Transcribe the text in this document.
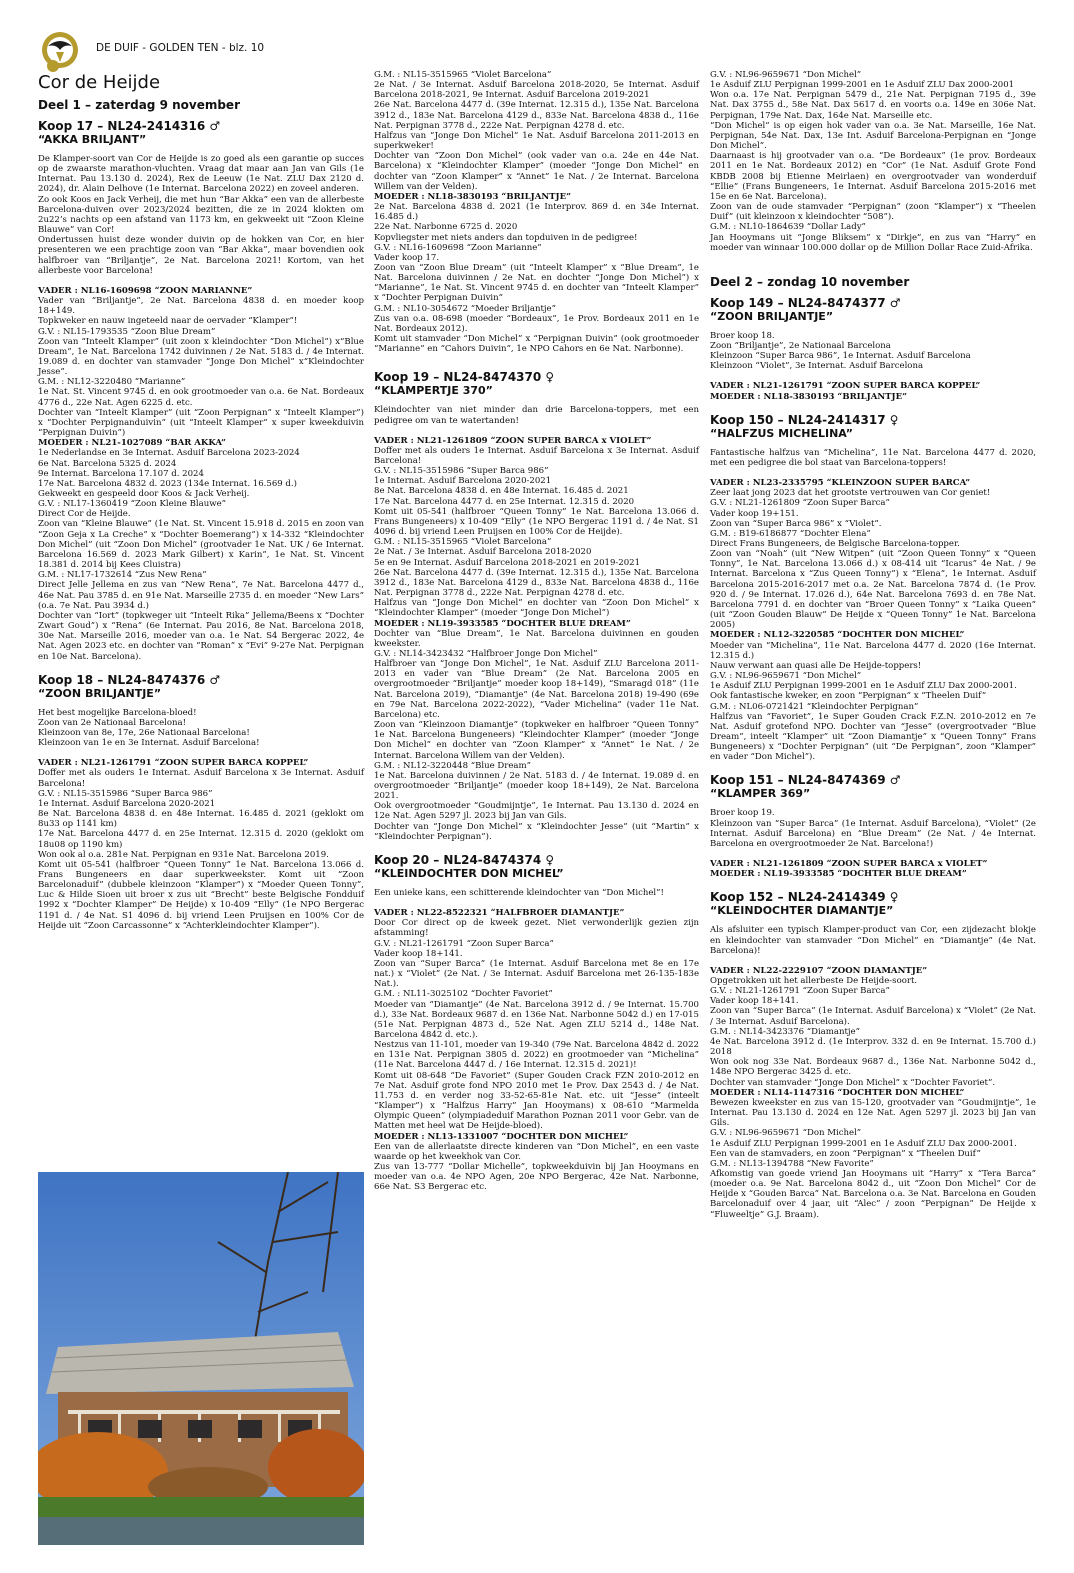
DE DUIF - GOLDEN TEN - blz. 10
Cor de Heijde
Deel 1 – zaterdag 9 november
Koop 17 – NL24-2414316 ♂
“AKKA BRILJANT”
De Klamper-soort van Cor de Heijde is zo goed als een garantie op succes op de zwaarste marathon-vluchten. Vraag dat maar aan Jan van Gils (1e Internat. Pau 13.130 d. 2024), Rex de Leeuw (1e Nat. ZLU Dax 2120 d. 2024), dr. Alain Delhove (1e Internat. Barcelona 2022) en zoveel anderen.
Zo ook Koos en Jack Verheij, die met hun “Bar Akka” een van de allerbeste Barcelona-duiven over 2023/2024 bezitten, die ze in 2024 klokten om 2u22’s nachts op een afstand van 1173 km, en gekweekt uit “Zoon Kleine Blauwe” van Cor!
Ondertussen huist deze wonder duivin op de hokken van Cor, en hier presenteren we een prachtige zoon van “Bar Akka”, maar bovendien ook halfbroer van “Briljantje”, 2e Nat. Barcelona 2021! Kortom, van het allerbeste voor Barcelona!
VADER : NL16-1609698 “ZOON MARIANNE”
Vader van “Briljantje”, 2e Nat. Barcelona 4838 d. en moeder koop 18+149.
Topkweker en nauw ingeteeld naar de oervader “Klamper”!
G.V. : NL15-1793535 “Zoon Blue Dream”
Zoon van “Inteelt Klamper” (uit zoon x kleindochter “Don Michel”) x“Blue Dream”, 1e Nat. Barcelona 1742 duivinnen / 2e Nat. 5183 d. / 4e Internat. 19.089 d. en dochter van stamvader “Jonge Don Michel” x“Kleindochter Jesse”.
G.M. : NL12-3220480 “Marianne”
1e Nat. St. Vincent 9745 d. en ook grootmoeder van o.a. 6e Nat. Bordeaux 4776 d., 22e Nat. Agen 6225 d. etc.
Dochter van “Inteelt Klamper” (uit “Zoon Perpignan” x “Inteelt Klamper”) x “Dochter Perpignanduivin” (uit “Inteelt Klamper” x super kweekduivin “Perpignan Duivin”)
MOEDER : NL21-1027089 “BAR AKKA”
1e Nederlandse en 3e Internat. Asduif Barcelona 2023-2024
6e Nat. Barcelona 5325 d. 2024
9e Internat. Barcelona 17.107 d. 2024
17e Nat. Barcelona 4832 d. 2023 (134e Internat. 16.569 d.)
Gekweekt en gespeeld door Koos & Jack Verheij.
G.V. : NL17-1360419 “Zoon Kleine Blauwe”
Direct Cor de Heijde.
Zoon van “Kleine Blauwe” (1e Nat. St. Vincent 15.918 d. 2015 en zoon van “Zoon Geja x La Creche” x “Dochter Boemerang”) x 14-332 “Kleindochter Don Michel” (uit “Zoon Don Michel” (grootvader 1e Nat. UK / 6e Internat. Barcelona 16.569 d. 2023 Mark Gilbert) x Karin”, 1e Nat. St. Vincent 18.381 d. 2014 bij Kees Cluistra)
G.M. : NL17-1732614 “Zus New Rena”
Direct Jelle Jellema en zus van “New Rena”, 7e Nat. Barcelona 4477 d., 46e Nat. Pau 3785 d. en 91e Nat. Marseille 2735 d. en moeder “New Lars” (o.a. 7e Nat. Pau 3934 d.)
Dochter van “Iort” (topkweger uit “Inteelt Rika” Jellema/Beens x “Dochter Zwart Goud”) x “Rena” (6e Internat. Pau 2016, 8e Nat. Barcelona 2018, 30e Nat. Marseille 2016, moeder van o.a. 1e Nat. S4 Bergerac 2022, 4e Nat. Agen 2023 etc. en dochter van “Roman” x “Evi” 9-27e Nat. Perpignan en 10e Nat. Barcelona).
Koop 18 – NL24-8474376 ♂
“ZOON BRILJANTJE”
Het best mogelijke Barcelona-bloed!
Zoon van 2e Nationaal Barcelona!
Kleinzoon van 8e, 17e, 26e Nationaal Barcelona!
Kleinzoon van 1e en 3e Internat. Asduif Barcelona!
VADER : NL21-1261791 “ZOON SUPER BARCA KOPPEL”
Doffer met als ouders 1e Internat. Asduif Barcelona x 3e Internat. Asduif Barcelona!
G.V. : NL15-3515986 “Super Barca 986”
1e Internat. Asduif Barcelona 2020-2021
8e Nat. Barcelona 4838 d. en 48e Internat. 16.485 d. 2021 (geklokt om 8u33 op 1141 km)
17e Nat. Barcelona 4477 d. en 25e Internat. 12.315 d. 2020 (geklokt om 18u08 op 1190 km)
Won ook al o.a. 281e Nat. Perpignan en 931e Nat. Barcelona 2019.
Komt uit 05-541 (halfbroer “Queen Tonny” 1e Nat. Barcelona 13.066 d. Frans Bungeneers en daar superkweekster. Komt uit “Zoon Barcelonaduif” (dubbele kleinzoon “Klamper”) x “Moeder Queen Tonny”, Luc & Hilde Sioen uit broer x zus uit “Brecht” beste Belgische Fondduif 1992 x “Dochter Klamper” De Heijde) x 10-409 “Elly” (1e NPO Bergerac 1191 d. / 4e Nat. S1 4096 d. bij vriend Leen Pruijsen en 100% Cor de Heijde uit “Zoon Carcassonne” x “Achterkleindochter Klamper”).
G.M. : NL15-3515965 “Violet Barcelona”
2e Nat. / 3e Internat. Asduif Barcelona 2018-2020, 5e Internat. Asduif Barcelona 2018-2021, 9e Internat. Asduif Barcelona 2019-2021
26e Nat. Barcelona 4477 d. (39e Internat. 12.315 d.), 135e Nat. Barcelona 3912 d., 183e Nat. Barcelona 4129 d., 833e Nat. Barcelona 4838 d., 116e Nat. Perpignan 3778 d., 222e Nat. Perpignan 4278 d. etc.
Halfzus van “Jonge Don Michel” 1e Nat. Asduif Barcelona 2011-2013 en superkweker!
Dochter van “Zoon Don Michel” (ook vader van o.a. 24e en 44e Nat. Barcelona) x “Kleindochter Klamper” (moeder “Jonge Don Michel” en dochter van “Zoon Klamper” x “Annet” 1e Nat. / 2e Internat. Barcelona Willem van der Velden).
MOEDER : NL18-3830193 “BRILJANTJE”
2e Nat. Barcelona 4838 d. 2021 (1e Interprov. 869 d. en 34e Internat. 16.485 d.)
22e Nat. Narbonne 6725 d. 2020
Kopvliegster met niets anders dan topduiven in de pedigree!
G.V. : NL16-1609698 “Zoon Marianne”
Vader koop 17.
Zoon van “Zoon Blue Dream” (uit “Inteelt Klamper” x “Blue Dream”, 1e Nat. Barcelona duivinnen / 2e Nat. en dochter “Jonge Don Michel”) x “Marianne”, 1e Nat. St. Vincent 9745 d. en dochter van “Inteelt Klamper” x “Dochter Perpignan Duivin”
G.M. : NL10-3054672 “Moeder Briljantje”
Zus van o.a. 08-698 (moeder “Bordeaux”, 1e Prov. Bordeaux 2011 en 1e Nat. Bordeaux 2012).
Komt uit stamvader “Don Michel” x “Perpignan Duivin” (ook grootmoeder “Marianne” en “Cahors Duivin”, 1e NPO Cahors en 6e Nat. Narbonne).
Koop 19 – NL24-8474370 ♀
“KLAMPERTJE 370”
Kleindochter van niet minder dan drie Barcelona-toppers, met een pedigree om van te watertanden!
VADER : NL21-1261809 “ZOON SUPER BARCA x VIOLET”
Doffer met als ouders 1e Internat. Asduif Barcelona x 3e Internat. Asduif Barcelona!
G.V. : NL15-3515986 “Super Barca 986”
1e Internat. Asduif Barcelona 2020-2021
8e Nat. Barcelona 4838 d. en 48e Internat. 16.485 d. 2021
17e Nat. Barcelona 4477 d. en 25e Internat. 12.315 d. 2020
Komt uit 05-541 (halfbroer “Queen Tonny” 1e Nat. Barcelona 13.066 d. Frans Bungeneers) x 10-409 “Elly” (1e NPO Bergerac 1191 d. / 4e Nat. S1 4096 d. bij vriend Leen Pruijsen en 100% Cor de Heijde).
G.M. : NL15-3515965 “Violet Barcelona”
2e Nat. / 3e Internat. Asduif Barcelona 2018-2020
5e en 9e Internat. Asduif Barcelona 2018-2021 en 2019-2021
26e Nat. Barcelona 4477 d. (39e Internat. 12.315 d.), 135e Nat. Barcelona 3912 d., 183e Nat. Barcelona 4129 d., 833e Nat. Barcelona 4838 d., 116e Nat. Perpignan 3778 d., 222e Nat. Perpignan 4278 d. etc.
Halfzus van “Jonge Don Michel” en dochter van “Zoon Don Michel” x “Kleindochter Klamper” (moeder “Jonge Don Michel”)
MOEDER : NL19-3933585 “DOCHTER BLUE DREAM”
Dochter van “Blue Dream”, 1e Nat. Barcelona duivinnen en gouden kweekster.
G.V. : NL14-3423432 “Halfbroer Jonge Don Michel”
Halfbroer van “Jonge Don Michel”, 1e Nat. Asduif ZLU Barcelona 2011-2013 en vader van “Blue Dream” (2e Nat. Barcelona 2005 en overgrootmoeder “Briljantje” moeder koop 18+149), “Smaragd 018” (11e Nat. Barcelona 2019), “Diamantje” (4e Nat. Barcelona 2018) 19-490 (69e en 79e Nat. Barcelona 2022-2022), “Vader Michelina” (vader 11e Nat. Barcelona) etc.
Zoon van “Kleinzoon Diamantje” (topkweker en halfbroer “Queen Tonny” 1e Nat. Barcelona Bungeneers) “Kleindochter Klamper” (moeder “Jonge Don Michel” en dochter van “Zoon Klamper” x “Annet” 1e Nat. / 2e Internat. Barcelona Willem van der Velden).
G.M. : NL12-3220448 “Blue Dream”
1e Nat. Barcelona duivinnen / 2e Nat. 5183 d. / 4e Internat. 19.089 d. en overgrootmoeder “Briljantje” (moeder koop 18+149), 2e Nat. Barcelona 2021.
Ook overgrootmoeder “Goudmijntje”, 1e Internat. Pau 13.130 d. 2024 en 12e Nat. Agen 5297 jl. 2023 bij Jan van Gils.
Dochter van “Jonge Don Michel” x “Kleindochter Jesse” (uit “Martin” x “Kleindochter Perpignan”).
Koop 20 – NL24-8474374 ♀
“KLEINDOCHTER DON MICHEL”
Een unieke kans, een schitterende kleindochter van “Don Michel”!
VADER : NL22-8522321 “HALFBROER DIAMANTJE”
Door Cor direct op de kweek gezet. Niet verwonderlijk gezien zijn afstamming!
G.V. : NL21-1261791 “Zoon Super Barca”
Vader koop 18+141.
Zoon van “Super Barca” (1e Internat. Asduif Barcelona met 8e en 17e nat.) x “Violet” (2e Nat. / 3e Internat. Asduif Barcelona met 26-135-183e Nat.).
G.M. : NL11-3025102 “Dochter Favoriet”
Moeder van “Diamantje” (4e Nat. Barcelona 3912 d. / 9e Internat. 15.700 d.), 33e Nat. Bordeaux 9687 d. en 136e Nat. Narbonne 5042 d.) en 17-015 (51e Nat. Perpignan 4873 d., 52e Nat. Agen ZLU 5214 d., 148e Nat. Barcelona 4842 d. etc.).
Nestzus van 11-101, moeder van 19-340 (79e Nat. Barcelona 4842 d. 2022 en 131e Nat. Perpignan 3805 d. 2022) en grootmoeder van “Michelina” (11e Nat. Barcelona 4447 d. / 16e Internat. 12.315 d. 2021)!
Komt uit 08-648 “De Favoriet” (Super Gouden Crack FZN 2010-2012 en 7e Nat. Asduif grote fond NPO 2010 met 1e Prov. Dax 2543 d. / 4e Nat. 11.753 d. en verder nog 33-52-65-81e Nat. etc. uit “Jesse” (inteelt “Klamper”) x “Halfzus Harry” Jan Hooymans) x 08-610 “Marmelda Olympic Queen” (olympiadeduif Marathon Poznan 2011 voor Gebr. van de Matten met heel wat De Heijde-bloed).
MOEDER : NL13-1331007 “DOCHTER DON MICHEL”
Een van de allerlaatste directe kinderen van “Don Michel”, en een vaste waarde op het kweekhok van Cor.
Zus van 13-777 “Dollar Michelle”, topkweekduivin bij Jan Hooymans en moeder van o.a. 4e NPO Agen, 20e NPO Bergerac, 42e Nat. Narbonne, 66e Nat. S3 Bergerac etc.
G.V. : NL96-9659671 “Don Michel”
1e Asduif ZLU Perpignan 1999-2001 en 1e Asduif ZLU Dax 2000-2001
Won o.a. 17e Nat. Perpignan 5479 d., 21e Nat. Perpignan 7195 d., 39e Nat. Dax 3755 d., 58e Nat. Dax 5617 d. en voorts o.a. 149e en 306e Nat. Perpignan, 179e Nat. Dax, 164e Nat. Marseille etc.
“Don Michel” is op eigen hok vader van o.a. 3e Nat. Marseille, 16e Nat. Perpignan, 54e Nat. Dax, 13e Int. Asduif Barcelona-Perpignan en “Jonge Don Michel”.
Daarnaast is hij grootvader van o.a. “De Bordeaux” (1e prov. Bordeaux 2011 en 1e Nat. Bordeaux 2012) en “Cor” (1e Nat. Asduif Grote Fond KBDB 2008 bij Etienne Meirlaen) en overgrootvader van wonderduif “Ellie” (Frans Bungeneers, 1e Internat. Asduif Barcelona 2015-2016 met 15e en 6e Nat. Barcelona).
Zoon van de oude stamvader “Perpignan” (zoon “Klamper”) x “Theelen Duif” (uit kleinzoon x kleindochter “508”).
G.M. : NL10-1864639 “Dollar Lady”
Jan Hooymans uit “Jonge Bliksem” x “Dirkje”, en zus van “Harry” en moeder van winnaar 100.000 dollar op de Million Dollar Race Zuid-Afrika.
Deel 2 – zondag 10 november
Koop 149 – NL24-8474377 ♂
“ZOON BRILJANTJE”
Broer koop 18.
Zoon “Briljantje”, 2e Nationaal Barcelona
Kleinzoon “Super Barca 986”, 1e Internat. Asduif Barcelona
Kleinzoon “Violet”, 3e Internat. Asduif Barcelona
VADER : NL21-1261791 “ZOON SUPER BARCA KOPPEL”
MOEDER : NL18-3830193 “BRILJANTJE”
Koop 150 – NL24-2414317 ♀
“HALFZUS MICHELINA”
Fantastische halfzus van “Michelina”, 11e Nat. Barcelona 4477 d. 2020, met een pedigree die bol staat van Barcelona-toppers!
VADER : NL23-2335795 “KLEINZOON SUPER BARCA”
Zeer laat jong 2023 dat het grootste vertrouwen van Cor geniet!
G.V. : NL21-1261809 “Zoon Super Barca”
Vader koop 19+151.
Zoon van “Super Barca 986” x “Violet”.
G.M. : B19-6186877 “Dochter Elena”
Direct Frans Bungeneers, de Belgische Barcelona-topper.
Zoon van “Noah” (uit “New Witpen” (uit “Zoon Queen Tonny” x “Queen Tonny”, 1e Nat. Barcelona 13.066 d.) x 08-414 uit “Icarus” 4e Nat. / 9e Internat. Barcelona x “Zus Queen Tonny”) x “Elena”, 1e Internat. Asduif Barcelona 2015-2016-2017 met o.a. 2e Nat. Barcelona 7874 d. (1e Prov. 920 d. / 9e Internat. 17.026 d.), 64e Nat. Barcelona 7693 d. en 78e Nat. Barcelona 7791 d. en dochter van “Broer Queen Tonny” x “Laika Queen” (uit “Zoon Gouden Blauw” De Heijde x “Queen Tonny” 1e Nat. Barcelona 2005)
MOEDER : NL12-3220585 “DOCHTER DON MICHEL”
Moeder van “Michelina”, 11e Nat. Barcelona 4477 d. 2020 (16e Internat. 12.315 d.)
Nauw verwant aan quasi alle De Heijde-toppers!
G.V. : NL96-9659671 “Don Michel”
1e Asduif ZLU Perpignan 1999-2001 en 1e Asduif ZLU Dax 2000-2001.
Ook fantastische kweker, en zoon “Perpignan” x “Theelen Duif”
G.M. : NL06-0721421 “Kleindochter Perpignan”
Halfzus van “Favoriet”, 1e Super Gouden Crack F.Z.N. 2010-2012 en 7e Nat. Asduif grotefond NPO. Dochter van “Jesse” (overgrootvader “Blue Dream”, inteelt “Klamper” uit “Zoon Diamantje” x “Queen Tonny” Frans Bungeneers) x “Dochter Perpignan” (uit “De Perpignan”, zoon “Klamper” en vader “Don Michel”).
Koop 151 – NL24-8474369 ♂
“KLAMPER 369”
Broer koop 19.
Kleinzoon van “Super Barca” (1e Internat. Asduif Barcelona), “Violet” (2e Internat. Asduif Barcelona) en “Blue Dream” (2e Nat. / 4e Internat. Barcelona en overgrootmoeder 2e Nat. Barcelona!)
VADER : NL21-1261809 “ZOON SUPER BARCA x VIOLET”
MOEDER : NL19-3933585 “DOCHTER BLUE DREAM”
Koop 152 – NL24-2414349 ♀
“KLEINDOCHTER DIAMANTJE”
Als afsluiter een typisch Klamper-product van Cor, een zijdezacht blokje en kleindochter van stamvader “Don Michel” en “Diamantje” (4e Nat. Barcelona)!
VADER : NL22-2229107 “ZOON DIAMANTJE”
Opgetrokken uit het allerbeste De Heijde-soort.
G.V. : NL21-1261791 “Zoon Super Barca”
Vader koop 18+141.
Zoon van “Super Barca” (1e Internat. Asduif Barcelona) x “Violet” (2e Nat. / 3e Internat. Asduif Barcelona).
G.M. : NL14-3423376 “Diamantje”
4e Nat. Barcelona 3912 d. (1e Interprov. 332 d. en 9e Internat. 15.700 d.) 2018
Won ook nog 33e Nat. Bordeaux 9687 d., 136e Nat. Narbonne 5042 d., 148e NPO Bergerac 3425 d. etc.
Dochter van stamvader “Jonge Don Michel” x “Dochter Favoriet”.
MOEDER : NL14-1147316 “DOCHTER DON MICHEL”
Bewezen kweekster en zus van 15-120, grootvader van “Goudmijntje”, 1e Internat. Pau 13.130 d. 2024 en 12e Nat. Agen 5297 jl. 2023 bij Jan van Gils.
G.V. : NL96-9659671 “Don Michel”
1e Asduif ZLU Perpignan 1999-2001 en 1e Asduif ZLU Dax 2000-2001.
Een van de stamvaders, en zoon “Perpignan” x “Theelen Duif”
G.M. : NL13-1394788 “New Favorite”
Afkomstig van goede vriend Jan Hooymans uit “Harry” x “Tera Barca” (moeder o.a. 9e Nat. Barcelona 8042 d., uit “Zoon Don Michel” Cor de Heijde x “Gouden Barca” Nat. Barcelona o.a. 3e Nat. Barcelona en Gouden Barcelonaduif over 4 jaar, uit “Alec” / zoon “Perpignan” De Heijde x “Fluweeltje” G.J. Braam).
